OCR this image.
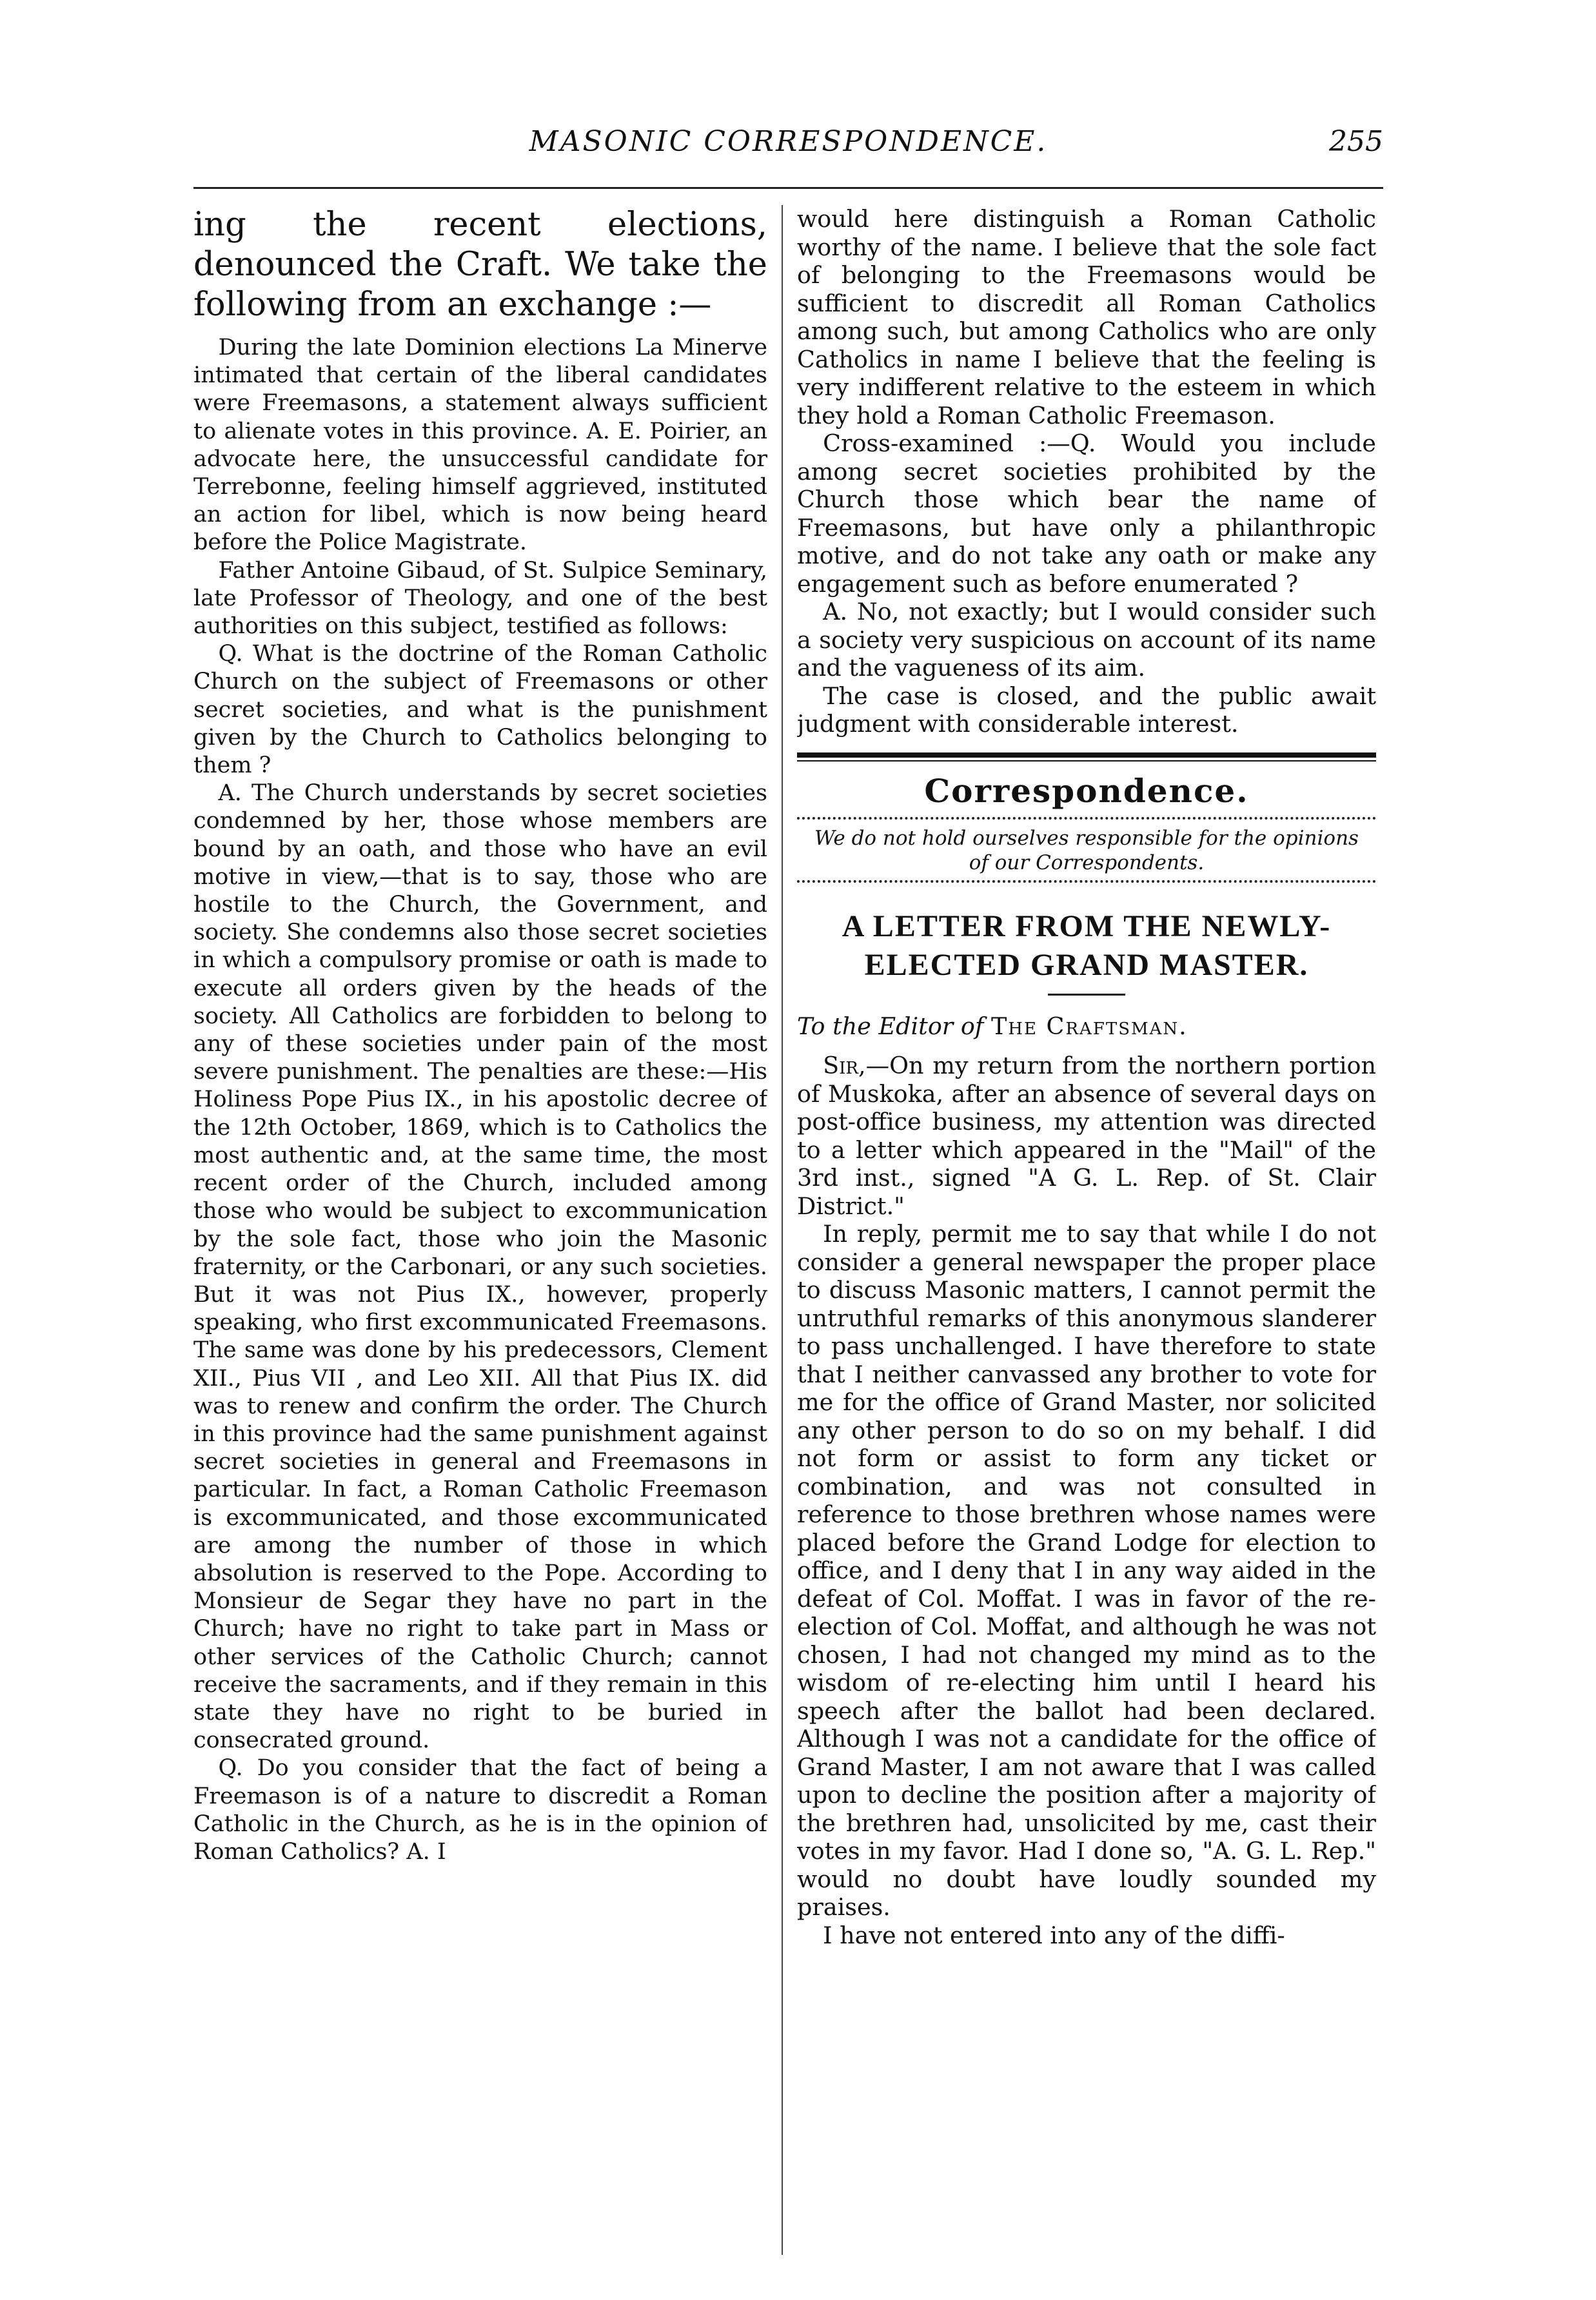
MASONIC CORRESPONDENCE.	255
ing the recent elections, denounced the Craft. We take the following from an exchange :—

During the late Dominion elections La Minerve intimated that certain of the liberal candidates were Freemasons, a statement always sufficient to alienate votes in this province. A. E. Poirier, an advocate here, the unsuccessful candidate for Terrebonne, feeling himself aggrieved, instituted an action for libel, which is now being heard before the Police Magistrate.

Father Antoine Gibaud, of St. Sulpice Seminary, late Professor of Theology, and one of the best authorities on this subject, testified as follows:

Q. What is the doctrine of the Roman Catholic Church on the subject of Freemasons or other secret societies, and what is the punishment given by the Church to Catholics belonging to them ?

A. The Church understands by secret societies condemned by her, those whose members are bound by an oath, and those who have an evil motive in view,—that is to say, those who are hostile to the Church, the Government, and society. She condemns also those secret societies in which a compulsory promise or oath is made to execute all orders given by the heads of the society. All Catholics are forbidden to belong to any of these societies under pain of the most severe punishment. The penalties are these:—His Holiness Pope Pius IX., in his apostolic decree of the 12th October, 1869, which is to Catholics the most authentic and, at the same time, the most recent order of the Church, included among those who would be subject to excommunication by the sole fact, those who join the Masonic fraternity, or the Carbonari, or any such societies. But it was not Pius IX., however, properly speaking, who first excommunicated Freemasons. The same was done by his predecessors, Clement XII., Pius VII , and Leo XII. All that Pius IX. did was to renew and confirm the order. The Church in this province had the same punishment against secret societies in general and Freemasons in particular. In fact, a Roman Catholic Freemason is excommunicated, and those excommunicated are among the number of those in which absolution is reserved to the Pope. According to Monsieur de Segar they have no part in the Church; have no right to take part in Mass or other services of the Catholic Church; cannot receive the sacraments, and if they remain in this state they have no right to be buried in consecrated ground.

Q. Do you consider that the fact of being a Freemason is of a nature to discredit a Roman Catholic in the Church, as he is in the opinion of Roman Catholics? A. I

would here distinguish a Roman Catholic worthy of the name. I believe that the sole fact of belonging to the Freemasons would be sufficient to discredit all Roman Catholics among such, but among Catholics who are only Catholics in name I believe that the feeling is very indifferent relative to the esteem in which they hold a Roman Catholic Freemason.

Cross-examined :—Q. Would you include among secret societies prohibited by the Church those which bear the name of Freemasons, but have only a philanthropic motive, and do not take any oath or make any engagement such as before enumerated ?

A. No, not exactly; but I would consider such a society very suspicious on account of its name and the vagueness of its aim.

The case is closed, and the public await judgment with considerable interest.

Correspondence.
We do not hold ourselves responsible for the opinions of our Correspondents.
A LETTER FROM THE NEWLY-ELECTED GRAND MASTER.
To the Editor of The Craftsman.

Sir,—On my return from the northern portion of Muskoka, after an absence of several days on post-office business, my attention was directed to a letter which appeared in the "Mail" of the 3rd inst., signed "A G. L. Rep. of St. Clair District."

In reply, permit me to say that while I do not consider a general newspaper the proper place to discuss Masonic matters, I cannot permit the untruthful remarks of this anonymous slanderer to pass unchallenged. I have therefore to state that I neither canvassed any brother to vote for me for the office of Grand Master, nor solicited any other person to do so on my behalf. I did not form or assist to form any ticket or combination, and was not consulted in reference to those brethren whose names were placed before the Grand Lodge for election to office, and I deny that I in any way aided in the defeat of Col. Moffat. I was in favor of the re-election of Col. Moffat, and although he was not chosen, I had not changed my mind as to the wisdom of re-electing him until I heard his speech after the ballot had been declared. Although I was not a candidate for the office of Grand Master, I am not aware that I was called upon to decline the position after a majority of the brethren had, unsolicited by me, cast their votes in my favor. Had I done so, "A. G. L. Rep." would no doubt have loudly sounded my praises.

I have not entered into any of the diffi-
